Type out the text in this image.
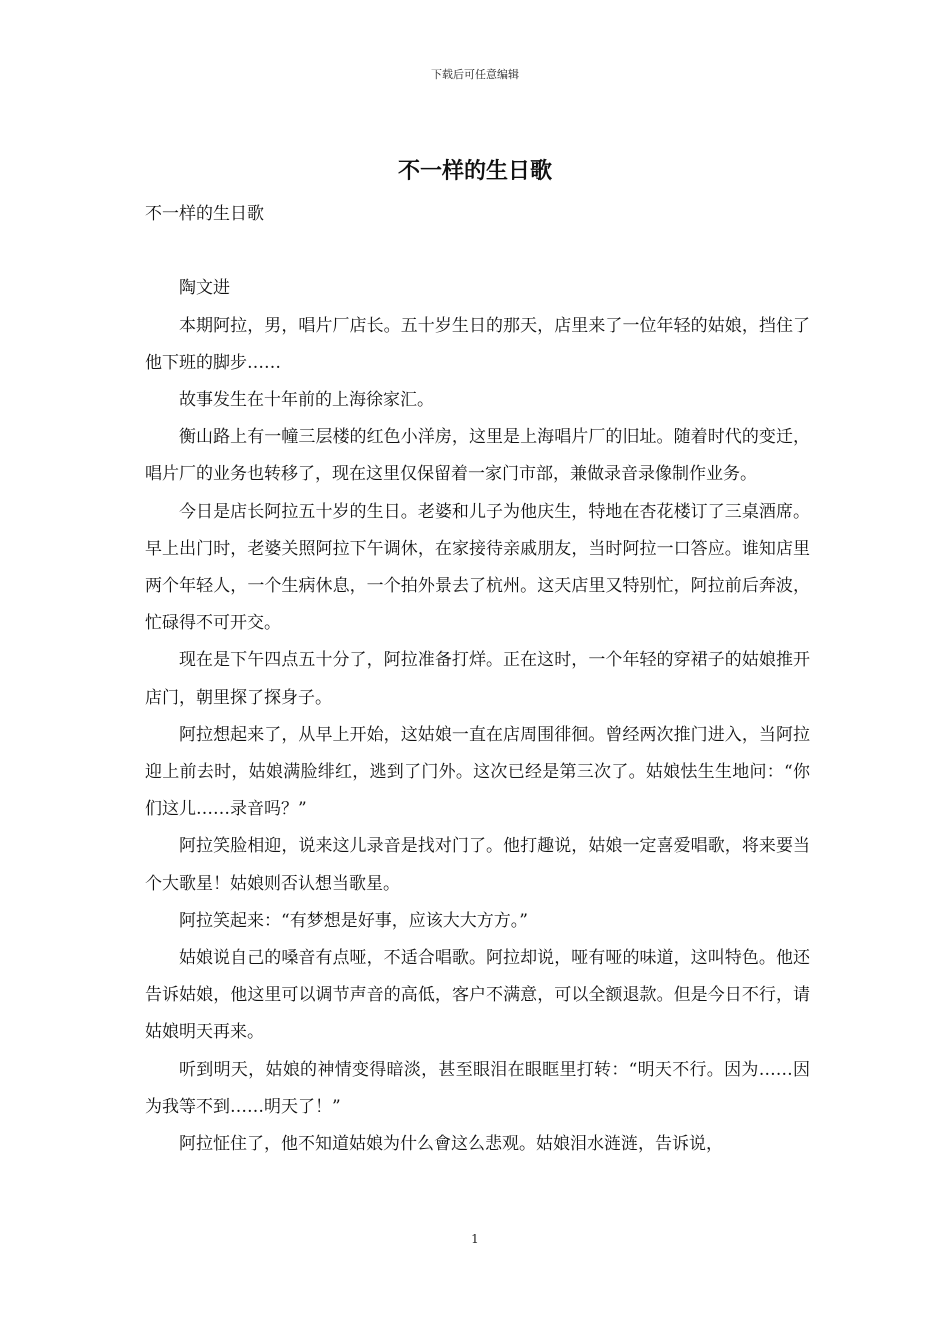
下载后可任意编辑
不一样的生日歌

不一样的生日歌

陶文进

本期阿拉，男，唱片厂店长。五十岁生日的那天，店里来了一位年轻的姑娘，挡住了他下班的脚步……

故事发生在十年前的上海徐家汇。

衡山路上有一幢三层楼的红色小洋房，这里是上海唱片厂的旧址。随着时代的变迁，唱片厂的业务也转移了，现在这里仅保留着一家门市部，兼做录音录像制作业务。

今日是店长阿拉五十岁的生日。老婆和儿子为他庆生，特地在杏花楼订了三桌酒席。早上出门时，老婆关照阿拉下午调休，在家接待亲戚朋友，当时阿拉一口答应。谁知店里两个年轻人，一个生病休息，一个拍外景去了杭州。这天店里又特别忙，阿拉前后奔波，忙碌得不可开交。

现在是下午四点五十分了，阿拉准备打烊。正在这时，一个年轻的穿裙子的姑娘推开店门，朝里探了探身子。

阿拉想起来了，从早上开始，这姑娘一直在店周围徘徊。曾经两次推门进入，当阿拉迎上前去时，姑娘满脸绯红，逃到了门外。这次已经是第三次了。姑娘怯生生地问：“你们这儿……录音吗？”

阿拉笑脸相迎，说来这儿录音是找对门了。他打趣说，姑娘一定喜爱唱歌，将来要当个大歌星！姑娘则否认想当歌星。

阿拉笑起来：“有梦想是好事，应该大大方方。”

姑娘说自己的嗓音有点哑，不适合唱歌。阿拉却说，哑有哑的味道，这叫特色。他还告诉姑娘，他这里可以调节声音的高低，客户不满意，可以全额退款。但是今日不行，请姑娘明天再来。

听到明天，姑娘的神情变得暗淡，甚至眼泪在眼眶里打转：“明天不行。因为……因为我等不到……明天了！”

阿拉怔住了，他不知道姑娘为什么會这么悲观。姑娘泪水涟涟，告诉说，

1
